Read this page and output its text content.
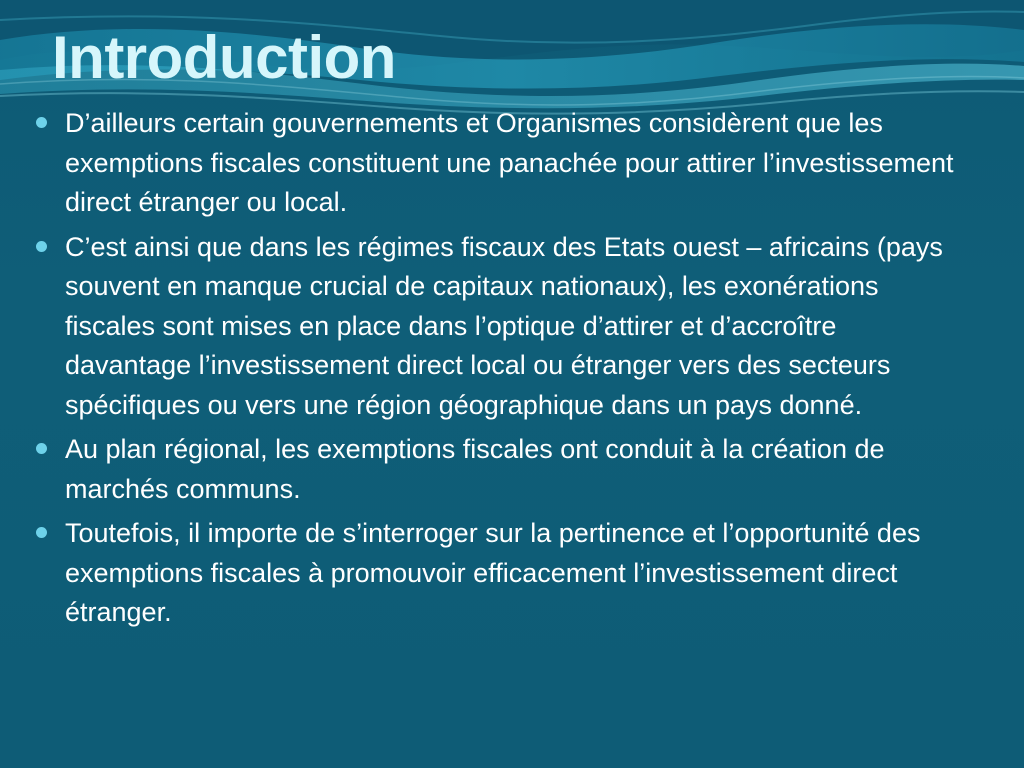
Introduction
D’ailleurs certain gouvernements et Organismes considèrent que les exemptions fiscales constituent une panachée pour attirer l’investissement direct étranger ou local.
C’est ainsi que dans les régimes fiscaux des Etats ouest – africains (pays souvent en manque crucial de capitaux nationaux), les exonérations fiscales sont mises en place dans l’optique d’attirer et d’accroître davantage l’investissement direct local ou étranger vers des secteurs spécifiques ou vers une région géographique dans un pays donné.
Au plan régional, les exemptions fiscales ont conduit à la création de marchés communs.
Toutefois, il importe de s’interroger sur la pertinence et l’opportunité des exemptions fiscales à promouvoir efficacement l’investissement direct étranger.
